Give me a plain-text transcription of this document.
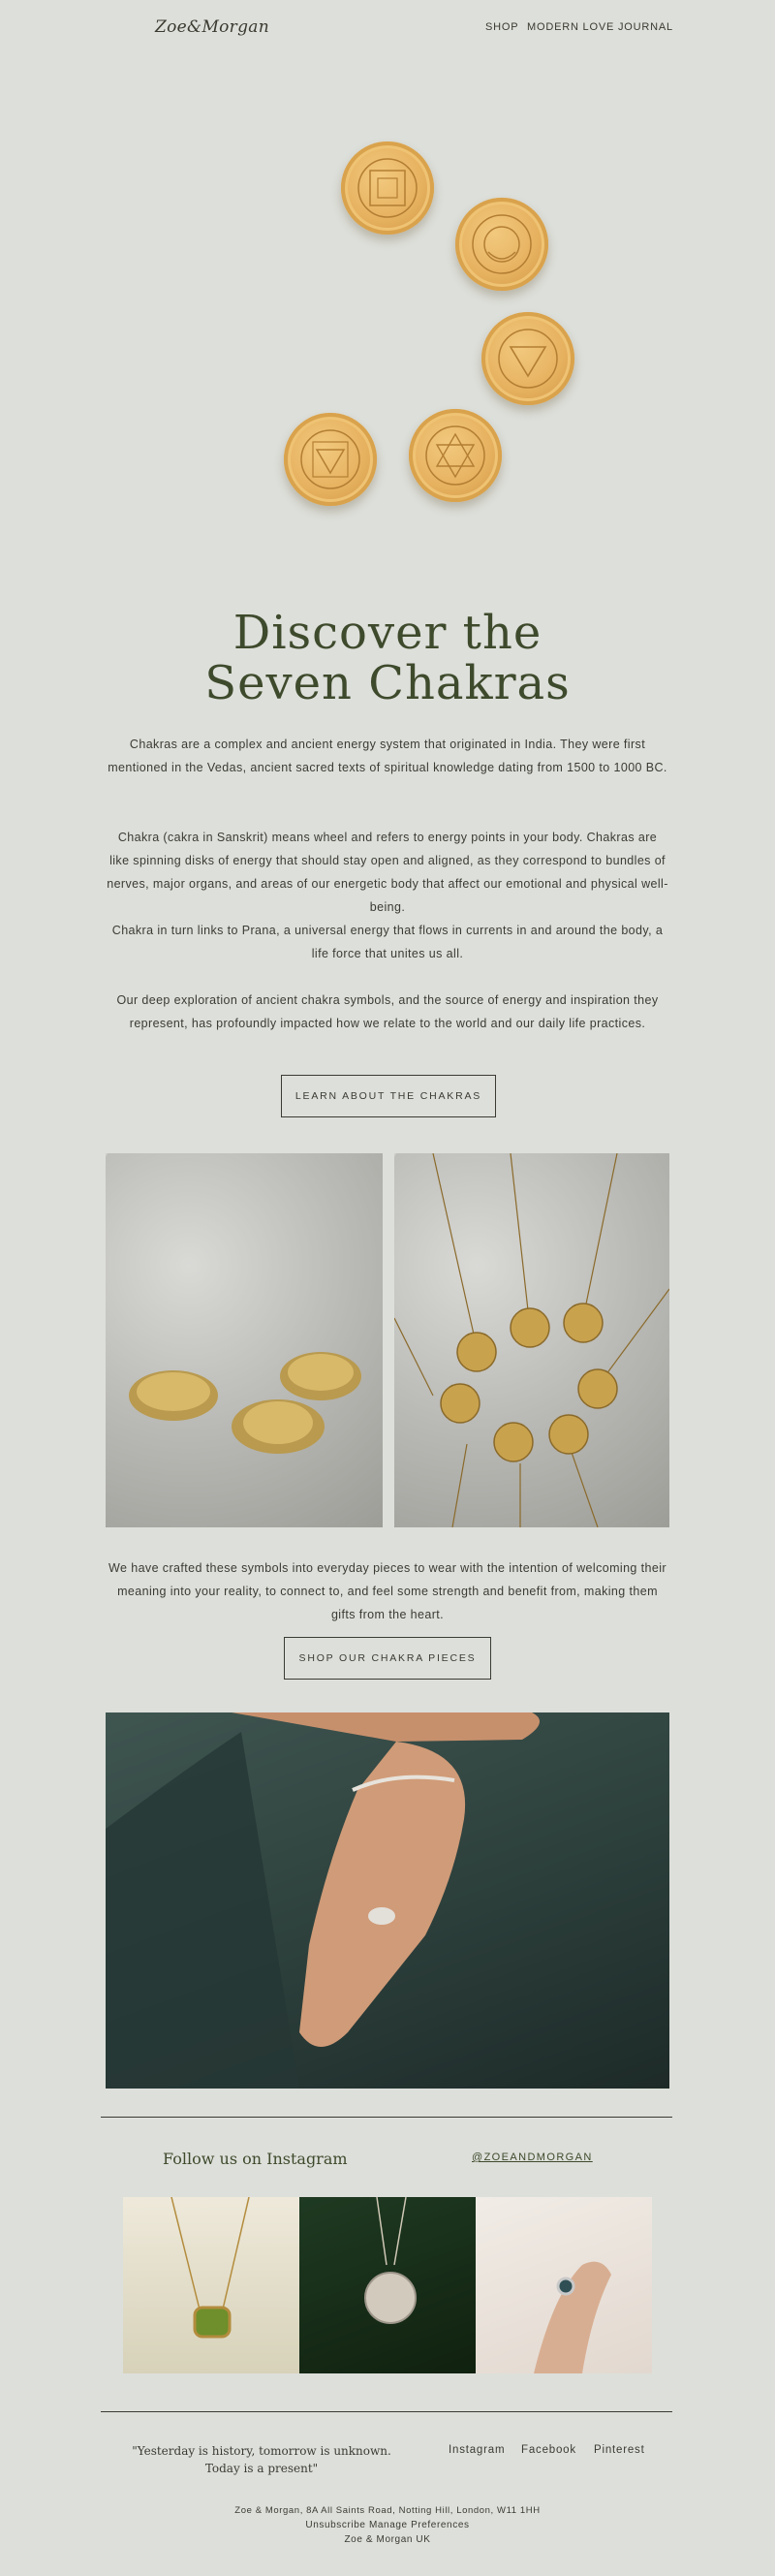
Zoe&Morgan	SHOP MODERN LOVE JOURNAL
Discover the
Seven Chakras
Chakras are a complex and ancient energy system that originated in India. They were first mentioned in the Vedas, ancient sacred texts of spiritual knowledge dating from 1500 to 1000 BC.
Chakra (cakra in Sanskrit) means wheel and refers to energy points in your body. Chakras are like spinning disks of energy that should stay open and aligned, as they correspond to bundles of nerves, major organs, and areas of our energetic body that affect our emotional and physical well-being.
Chakra in turn links to Prana, a universal energy that flows in currents in and around the body, a life force that unites us all.
Our deep exploration of ancient chakra symbols, and the source of energy and inspiration they represent, has profoundly impacted how we relate to the world and our daily life practices.
LEARN ABOUT THE CHAKRAS
We have crafted these symbols into everyday pieces to wear with the intention of welcoming their meaning into your reality, to connect to, and feel some strength and benefit from, making them gifts from the heart.
SHOP OUR CHAKRA PIECES
Follow us on Instagram	@ZOEANDMORGAN
"Yesterday is history, tomorrow is unknown.
Today is a present"
Instagram Facebook Pinterest
Zoe & Morgan, 8A All Saints Road, Notting Hill, London, W11 1HH
Unsubscribe Manage Preferences
Zoe & Morgan UK
